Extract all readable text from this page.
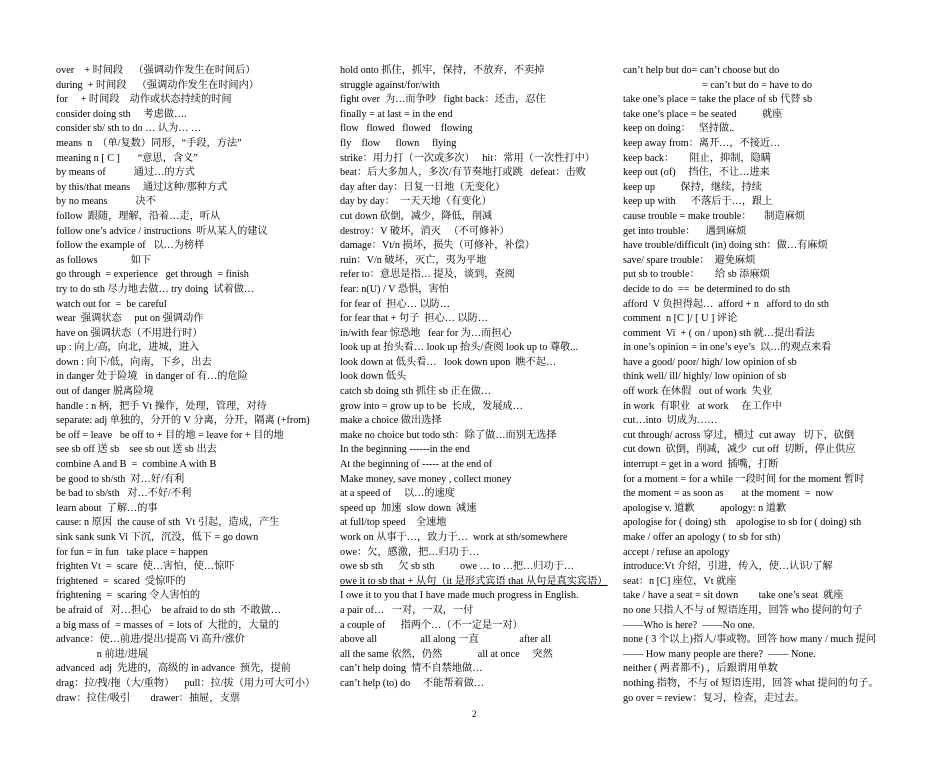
over    + 时间段    （强调动作发生在时间后）
during  + 时间段    （强调动作发生在时间内）
for     + 时间段    动作或状态持续的时间
consider doing sth     考虑做….
consider sb/ sth to do … 认为… …
means  n  （单/复数）同形，“手段，方法”
meaning n [ C ]       “意思，含义”
by means of           通过…的方式
by this/that means     通过这种/那种方式
by no means           决不
follow  跟随，理解，沿着…走，听从
follow one’s advice / instructions  听从某人的建议
follow the example of   以…为榜样
as follows             如下
go through  = experience   get through  = finish
try to do sth 尽力地去做… try doing  试着做…
watch out for  =  be careful
wear  强调状态     put on 强调动作
have on 强调状态（不用进行时）
up : 向上/高，向北，进城，进入
down : 向下/低，向南，下乡，出去
in danger 处于险境   in danger of 有…的危险
out of danger 脱离险境
handle : n 柄，把手 Vt 操作，处理，管理，对待
separate: adj 单独的，分开的 V 分离，分开，隔离 (+from)
be off = leave   be off to + 目的地 = leave for + 目的地
see sb off 送 sb    see sb out 送 sb 出去
combine A and B  =  combine A with B
be good to sb/sth  对…好/有利
be bad to sb/sth   对…不好/不利
learn about  了解…的事
cause: n 原因  the cause of sth  Vt 引起，造成，产生
sink sank sunk Vi 下沉，沉没，低下 = go down
for fun = in fun   take place = happen
frighten Vt  =  scare  使…害怕，使…惊吓
frightened  =  scared  受惊吓的
frightening  =  scaring 令人害怕的
be afraid of   对…担心    be afraid to do sth  不敢做…
a big mass of  = masses of  = lots of  大批的，大量的
advance：使…前进/提出/提高 Vi 高升/涨价
n 前进/进展
advanced  adj  先进的，高级的 in advance  预先，提前
drag：拉/拽/拖（大/重物）    pull：拉/拔（用力可大可小）
draw：拉住/吸引        drawer：抽屉，支票
hold onto 抓住，抓牢，保持，不放弃，不卖掉
struggle against/for/with
fight over  为…而争吵   fight back：还击，忍住
finally = at last = in the end
flow   flowed   flowed    flowing
fly    flow      flown     flying
strike：用力打（一次或多次）   hit：常用（一次性打中）
beat：后大多加人，多次/有节奏地打或跳   defeat：击败
day after day：日复一日地（无变化）
day by day：  一天天地（有变化）
cut down 砍倒，减少，降低，削减
destroy：V 破坏，消灭   （不可修补）
damage：Vt/n 损坏，损失（可修补，补偿）
ruin：V/n 破坏，灭亡，夷为平地
refer to：意思是指… 提及，谈到，查阅
fear: n(U) / V 恐惧，害怕
for fear of  担心… 以防…
for fear that + 句子  担心… 以防…
in/with fear 惊恐地   fear for 为…而担心
look up at 抬头看… look up 抬头/查阅 look up to 尊敬...
look down at 低头看…   look down upon  瞧不起…
look down 低头
catch sb doing sth 抓住 sb 正在做…
grow into = grow up to be  长成，发展成…
make a choice 做出选择
make no choice but todo sth：除了做…而别无选择
In the beginning ------in the end
At the beginning of ----- at the end of
Make money, save money , collect money
at a speed of     以…的速度
speed up  加速  slow down  减速
at full/top speed    全速地
work on 从事于…，致力于…  work at sth/somewhere
owe：欠，感激，把…归功于…
owe sb sth      欠 sb sth          owe … to …把…归功于…
owe it to sb that + 从句（it 是形式宾语 that 从句是真实宾语）
I owe it to you that I have made much progress in English.
a pair of…   一对，一双，一付
a couple of      指两个…（不一定是一对）
above all                 all along 一直                after all
all the same 依然，仍然              all at once     突然
can’t help doing  情不自禁地做…
can’t help (to) do     不能帮着做…
can’t help but do= can’t choose but do
= can’t but do = have to do
take one’s place = take the place of sb 代替 sb
take one’s place = be seated          就座
keep on doing：   坚持做..
keep away from：离开…，不接近…
keep back：      阻止，抑制，隐瞒
keep out (of)     挡住，不让…进来
keep up          保持，继续，持续
keep up with      不落后于…，跟上
cause trouble = make trouble：     制造麻烦
get into trouble：    遇到麻烦
have trouble/difficult (in) doing sth：做…有麻烦
save/ spare trouble：  避免麻烦
put sb to trouble：      给 sb 添麻烦
decide to do  ==  be determined to do sth
afford  V 负担得起…  afford + n   afford to do sth
comment  n [C ]/ [ U ] 评论
comment  Vi  + ( on / upon) sth 就…提出看法
in one’s opinion = in one’s eye’s  以…的观点来看
have a good/ poor/ high/ low opinion of sb
think well/ ill/ highly/ low opinion of sb
off work 在休假   out of work  失业
in work  有职业   at work     在工作中
cut…into  切成为……
cut through/ across 穿过，横过  cut away   切下，砍倒
cut down  砍倒，削减，减少  cut off  切断，停止供应
interrupt = get in a word  插嘴，打断
for a moment = for a while 一段时间 for the moment 暂时
the moment = as soon as       at the moment  =  now
apologise v. 道歉          apology: n 道歉
apologise for ( doing) sth    apologise to sb for ( doing) sth
make / offer an apology ( to sb for sth)
accept / refuse an apology
introduce:Vt 介绍，引进，传入，使…认识/了解
seat：n [C] 座位，Vt 就座
take / have a seat = sit down        take one’s seat  就座
no one 只指人不与 of 短语连用，回答 who 提问的句子
——Who is here?  ——No one.
none ( 3 个以上)指人/事或物。回答 how many / much 提问
—— How many people are there?  —— None.
neither ( 两者都不) ，后跟谓用单数
nothing 指物，不与 of 短语连用，回答 what 提问的句子。
go over = review：复习，检查，走过去。
2
